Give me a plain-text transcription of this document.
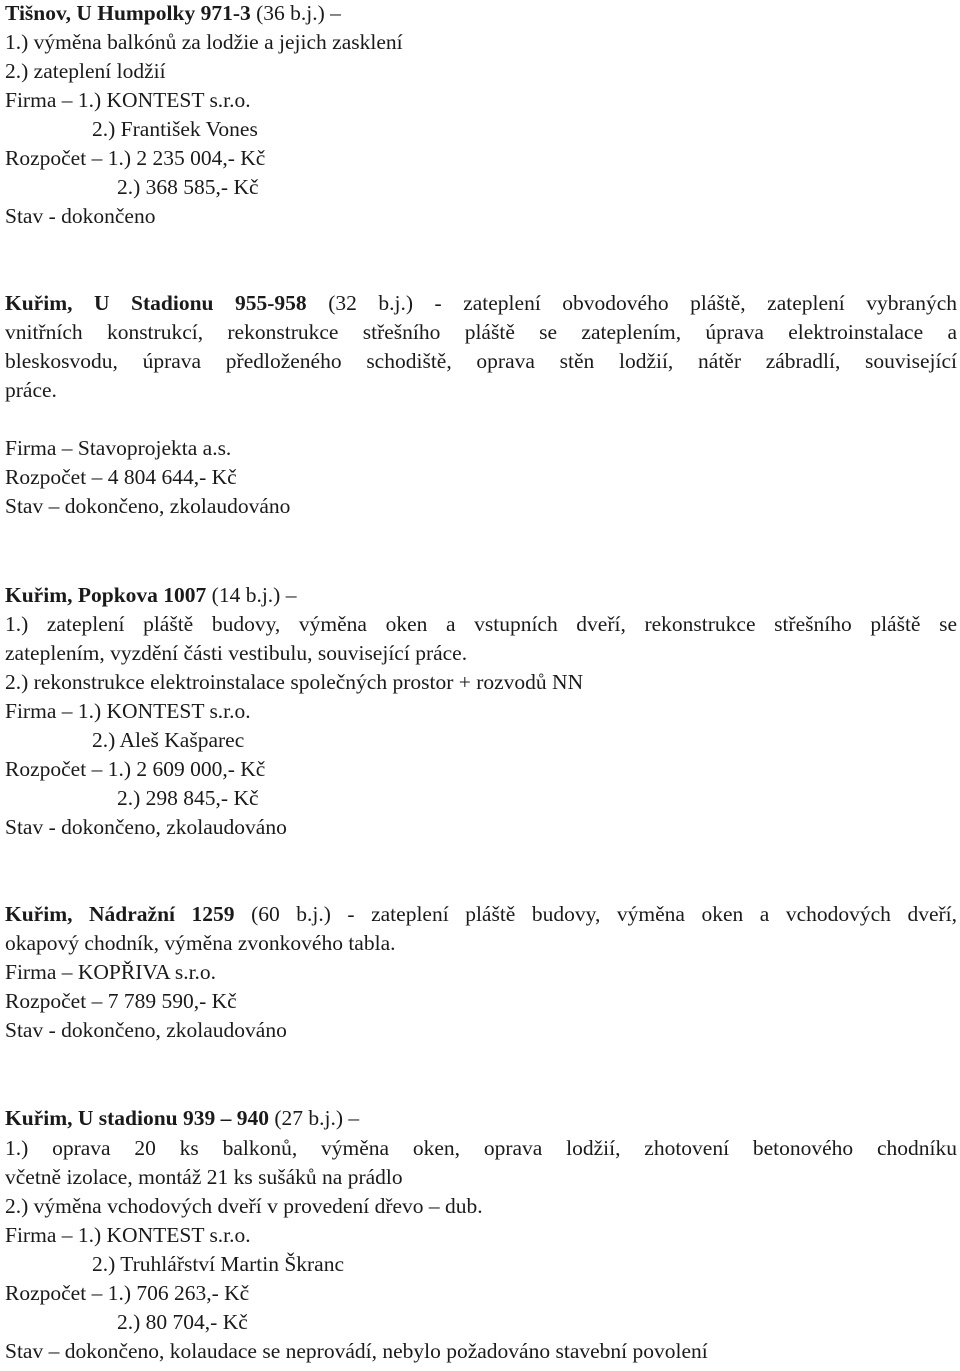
Tišnov, U Humpolky 971-3 (36 b.j.) –
1.) výměna balkónů za lodžie a jejich zasklení
2.) zateplení lodžií
Firma – 1.) KONTEST s.r.o.
2.) František Vones
Rozpočet – 1.) 2 235 004,- Kč
2.) 368 585,- Kč
Stav - dokončeno
Kuřim, U Stadionu 955-958 (32 b.j.) - zateplení obvodového pláště, zateplení vybraných
vnitřních konstrukcí, rekonstrukce střešního pláště se zateplením, úprava elektroinstalace a
bleskosvodu, úprava předloženého schodiště, oprava stěn lodžií, nátěr zábradlí, související
práce.
Firma – Stavoprojekta a.s.
Rozpočet – 4 804 644,- Kč
Stav – dokončeno, zkolaudováno
Kuřim, Popkova 1007 (14 b.j.) –
1.) zateplení pláště budovy, výměna oken a vstupních dveří, rekonstrukce střešního pláště se
zateplením, vyzdění části vestibulu, související práce.
2.) rekonstrukce elektroinstalace společných prostor + rozvodů NN
Firma – 1.) KONTEST s.r.o.
2.) Aleš Kašparec
Rozpočet – 1.) 2 609 000,- Kč
2.) 298 845,- Kč
Stav - dokončeno, zkolaudováno
Kuřim, Nádražní 1259 (60 b.j.) - zateplení pláště budovy, výměna oken a vchodových dveří,
okapový chodník, výměna zvonkového tabla.
Firma – KOPŘIVA s.r.o.
Rozpočet – 7 789 590,- Kč
Stav - dokončeno, zkolaudováno
Kuřim, U stadionu 939 – 940 (27 b.j.) –
1.) oprava 20 ks balkonů, výměna oken, oprava lodžií, zhotovení betonového chodníku
včetně izolace, montáž 21 ks sušáků na prádlo
2.) výměna vchodových dveří v provedení dřevo – dub.
Firma – 1.) KONTEST s.r.o.
2.) Truhlářství Martin Škranc
Rozpočet – 1.) 706 263,- Kč
2.) 80 704,- Kč
Stav – dokončeno, kolaudace se neprovádí, nebylo požadováno stavební povolení
